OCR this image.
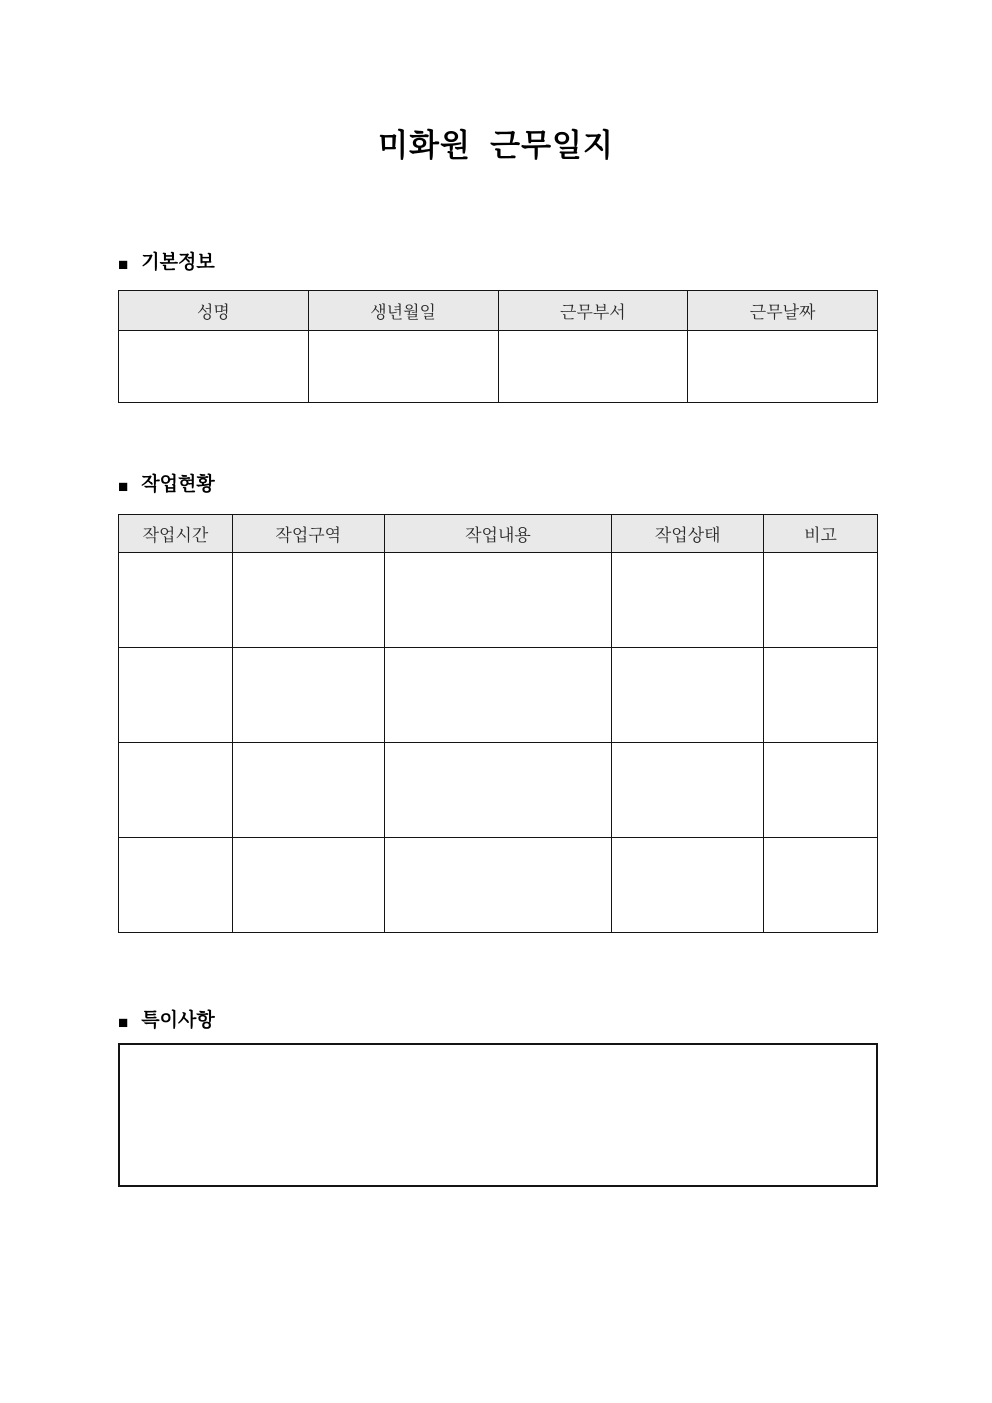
미화원  근무일지
■ 기본정보
성명	생년월일	근무부서	근무날짜

■ 작업현황
작업시간	작업구역	작업내용	작업상태	비고

■ 특이사항
